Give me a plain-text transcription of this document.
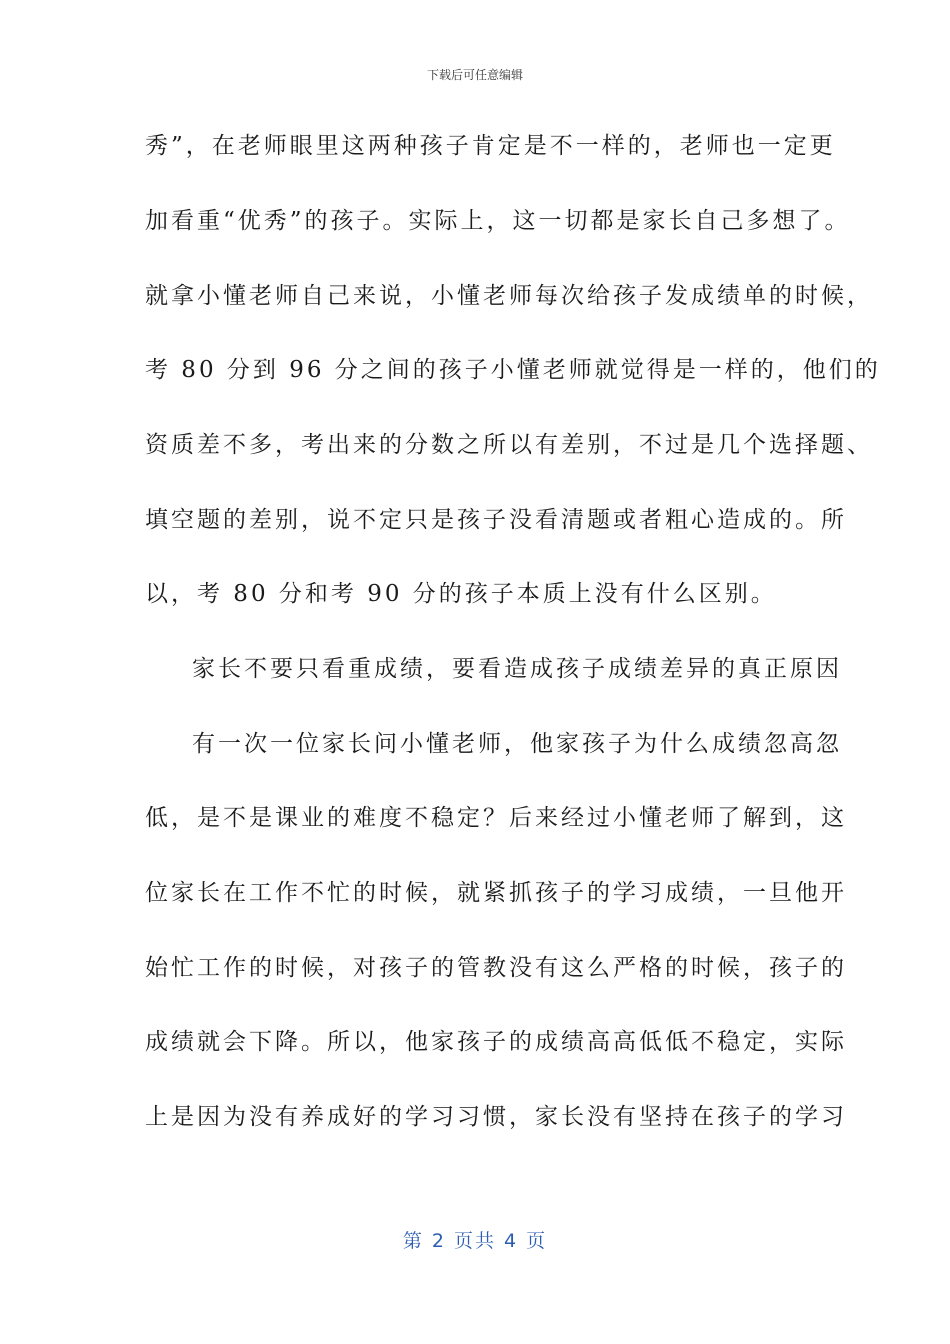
下载后可任意编辑
秀”，在老师眼里这两种孩子肯定是不一样的，老师也一定更
加看重“优秀”的孩子。实际上，这一切都是家长自己多想了。
就拿小懂老师自己来说，小懂老师每次给孩子发成绩单的时候，
考 80 分到 96 分之间的孩子小懂老师就觉得是一样的，他们的
资质差不多，考出来的分数之所以有差别，不过是几个选择题、
填空题的差别，说不定只是孩子没看清题或者粗心造成的。所
以，考 80 分和考 90 分的孩子本质上没有什么区别。
家长不要只看重成绩，要看造成孩子成绩差异的真正原因
有一次一位家长问小懂老师，他家孩子为什么成绩忽高忽
低，是不是课业的难度不稳定？后来经过小懂老师了解到，这
位家长在工作不忙的时候，就紧抓孩子的学习成绩，一旦他开
始忙工作的时候，对孩子的管教没有这么严格的时候，孩子的
成绩就会下降。所以，他家孩子的成绩高高低低不稳定，实际
上是因为没有养成好的学习习惯，家长没有坚持在孩子的学习
第 2 页共 4 页
